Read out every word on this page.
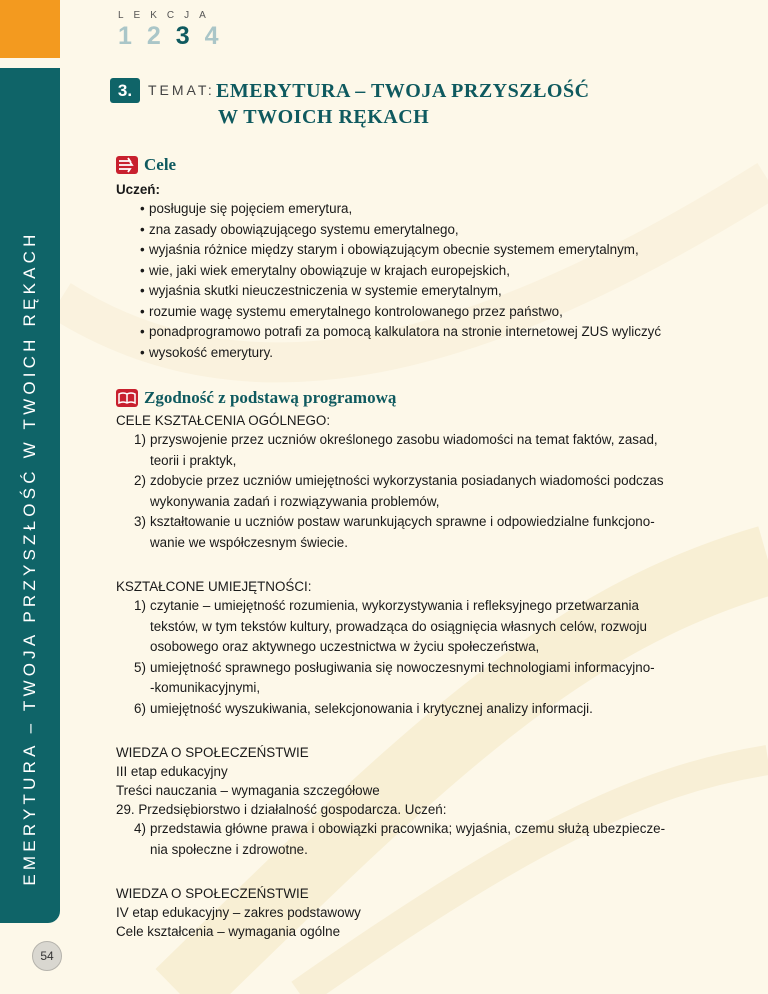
EMERYTURA – TWOJA PRZYSZŁOŚĆ W TWOICH RĘKACH
54
LEKCJA
1 2 3 4
3.	TEMAT: EMERYTURA – TWOJA PRZYSZŁOŚĆ
W TWOICH RĘKACH
Cele
Uczeń:
• posługuje się pojęciem emerytura,
• zna zasady obowiązującego systemu emerytalnego,
• wyjaśnia różnice między starym i obowiązującym obecnie systemem emerytalnym,
• wie, jaki wiek emerytalny obowiązuje w krajach europejskich,
• wyjaśnia skutki nieuczestniczenia w systemie emerytalnym,
• rozumie wagę systemu emerytalnego kontrolowanego przez państwo,
• ponadprogramowo potrafi za pomocą kalkulatora na stronie internetowej ZUS wyliczyć
• wysokość emerytury.
Zgodność z podstawą programową
CELE KSZTAŁCENIA OGÓLNEGO:
1) przyswojenie przez uczniów określonego zasobu wiadomości na temat faktów, zasad,
teorii i praktyk,
2) zdobycie przez uczniów umiejętności wykorzystania posiadanych wiadomości podczas
wykonywania zadań i rozwiązywania problemów,
3) kształtowanie u uczniów postaw warunkujących sprawne i odpowiedzialne funkcjono-
wanie we współczesnym świecie.
KSZTAŁCONE UMIEJĘTNOŚCI:
1) czytanie – umiejętność rozumienia, wykorzystywania i refleksyjnego przetwarzania
tekstów, w tym tekstów kultury, prowadząca do osiągnięcia własnych celów, rozwoju
osobowego oraz aktywnego uczestnictwa w życiu społeczeństwa,
5) umiejętność sprawnego posługiwania się nowoczesnymi technologiami informacyjno-
-komunikacyjnymi,
6) umiejętność wyszukiwania, selekcjonowania i krytycznej analizy informacji.
WIEDZA O SPOŁECZEŃSTWIE
III etap edukacyjny
Treści nauczania – wymagania szczegółowe
29. Przedsiębiorstwo i działalność gospodarcza. Uczeń:
4) przedstawia główne prawa i obowiązki pracownika; wyjaśnia, czemu służą ubezpiecze-
nia społeczne i zdrowotne.
WIEDZA O SPOŁECZEŃSTWIE
IV etap edukacyjny – zakres podstawowy
Cele kształcenia – wymagania ogólne
